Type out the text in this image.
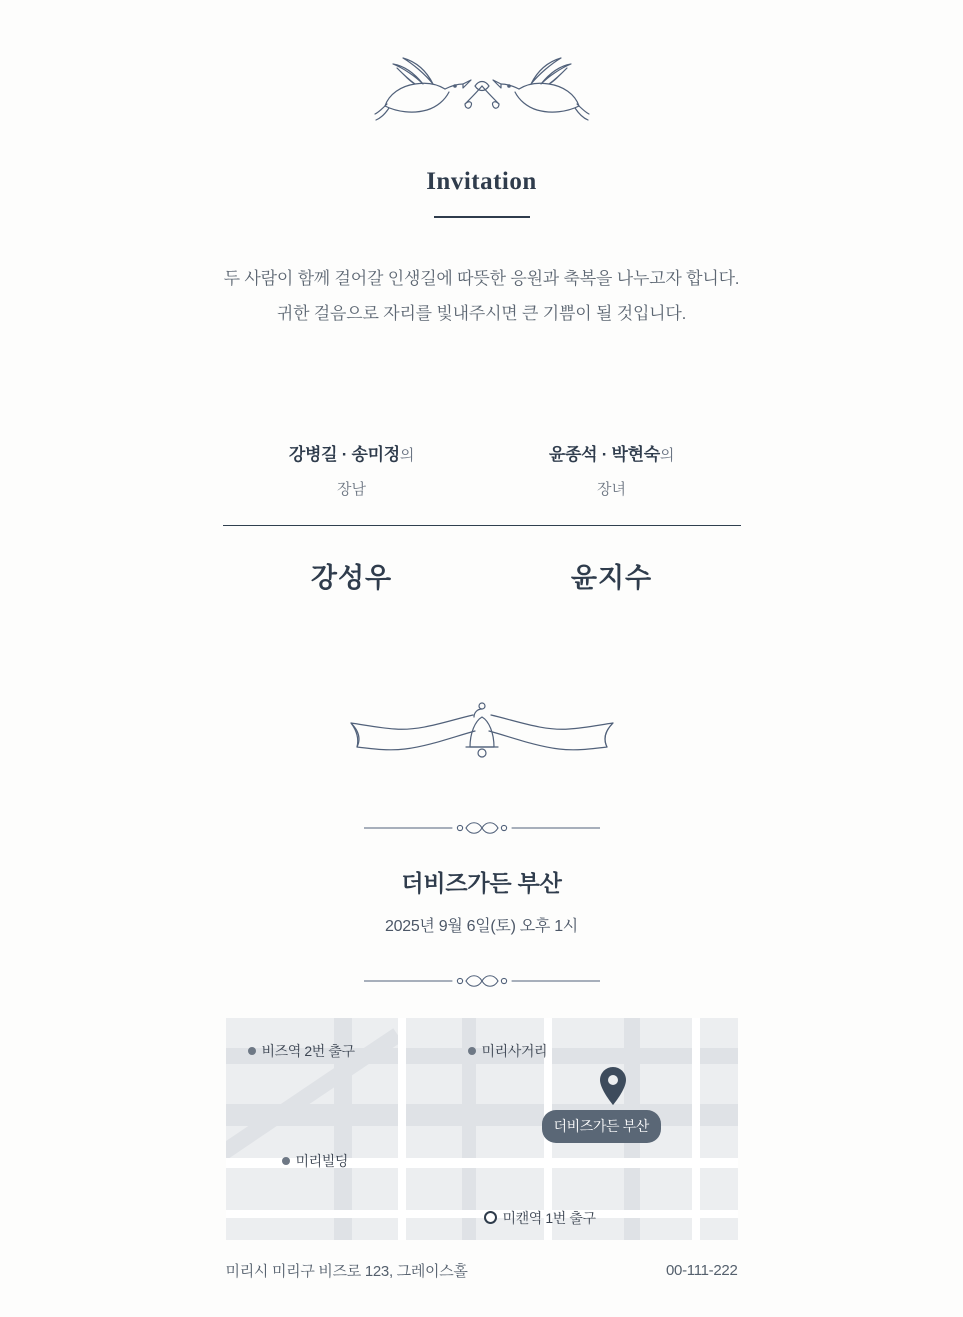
Invitation
두 사람이 함께 걸어갈 인생길에 따뜻한 응원과 축복을 나누고자 합니다.
귀한 걸음으로 자리를 빛내주시면 큰 기쁨이 될 것입니다.
강병길 · 송미정의
장남
윤종석 · 박현숙의
장녀
강성우	윤지수
더비즈가든 부산
2025년 9월 6일(토) 오후 1시
비즈역 2번 출구	미리사거리
미리빌딩
미캔역 1번 출구
더비즈가든 부산
미리시 미리구 비즈로 123, 그레이스홀	00-111-222
